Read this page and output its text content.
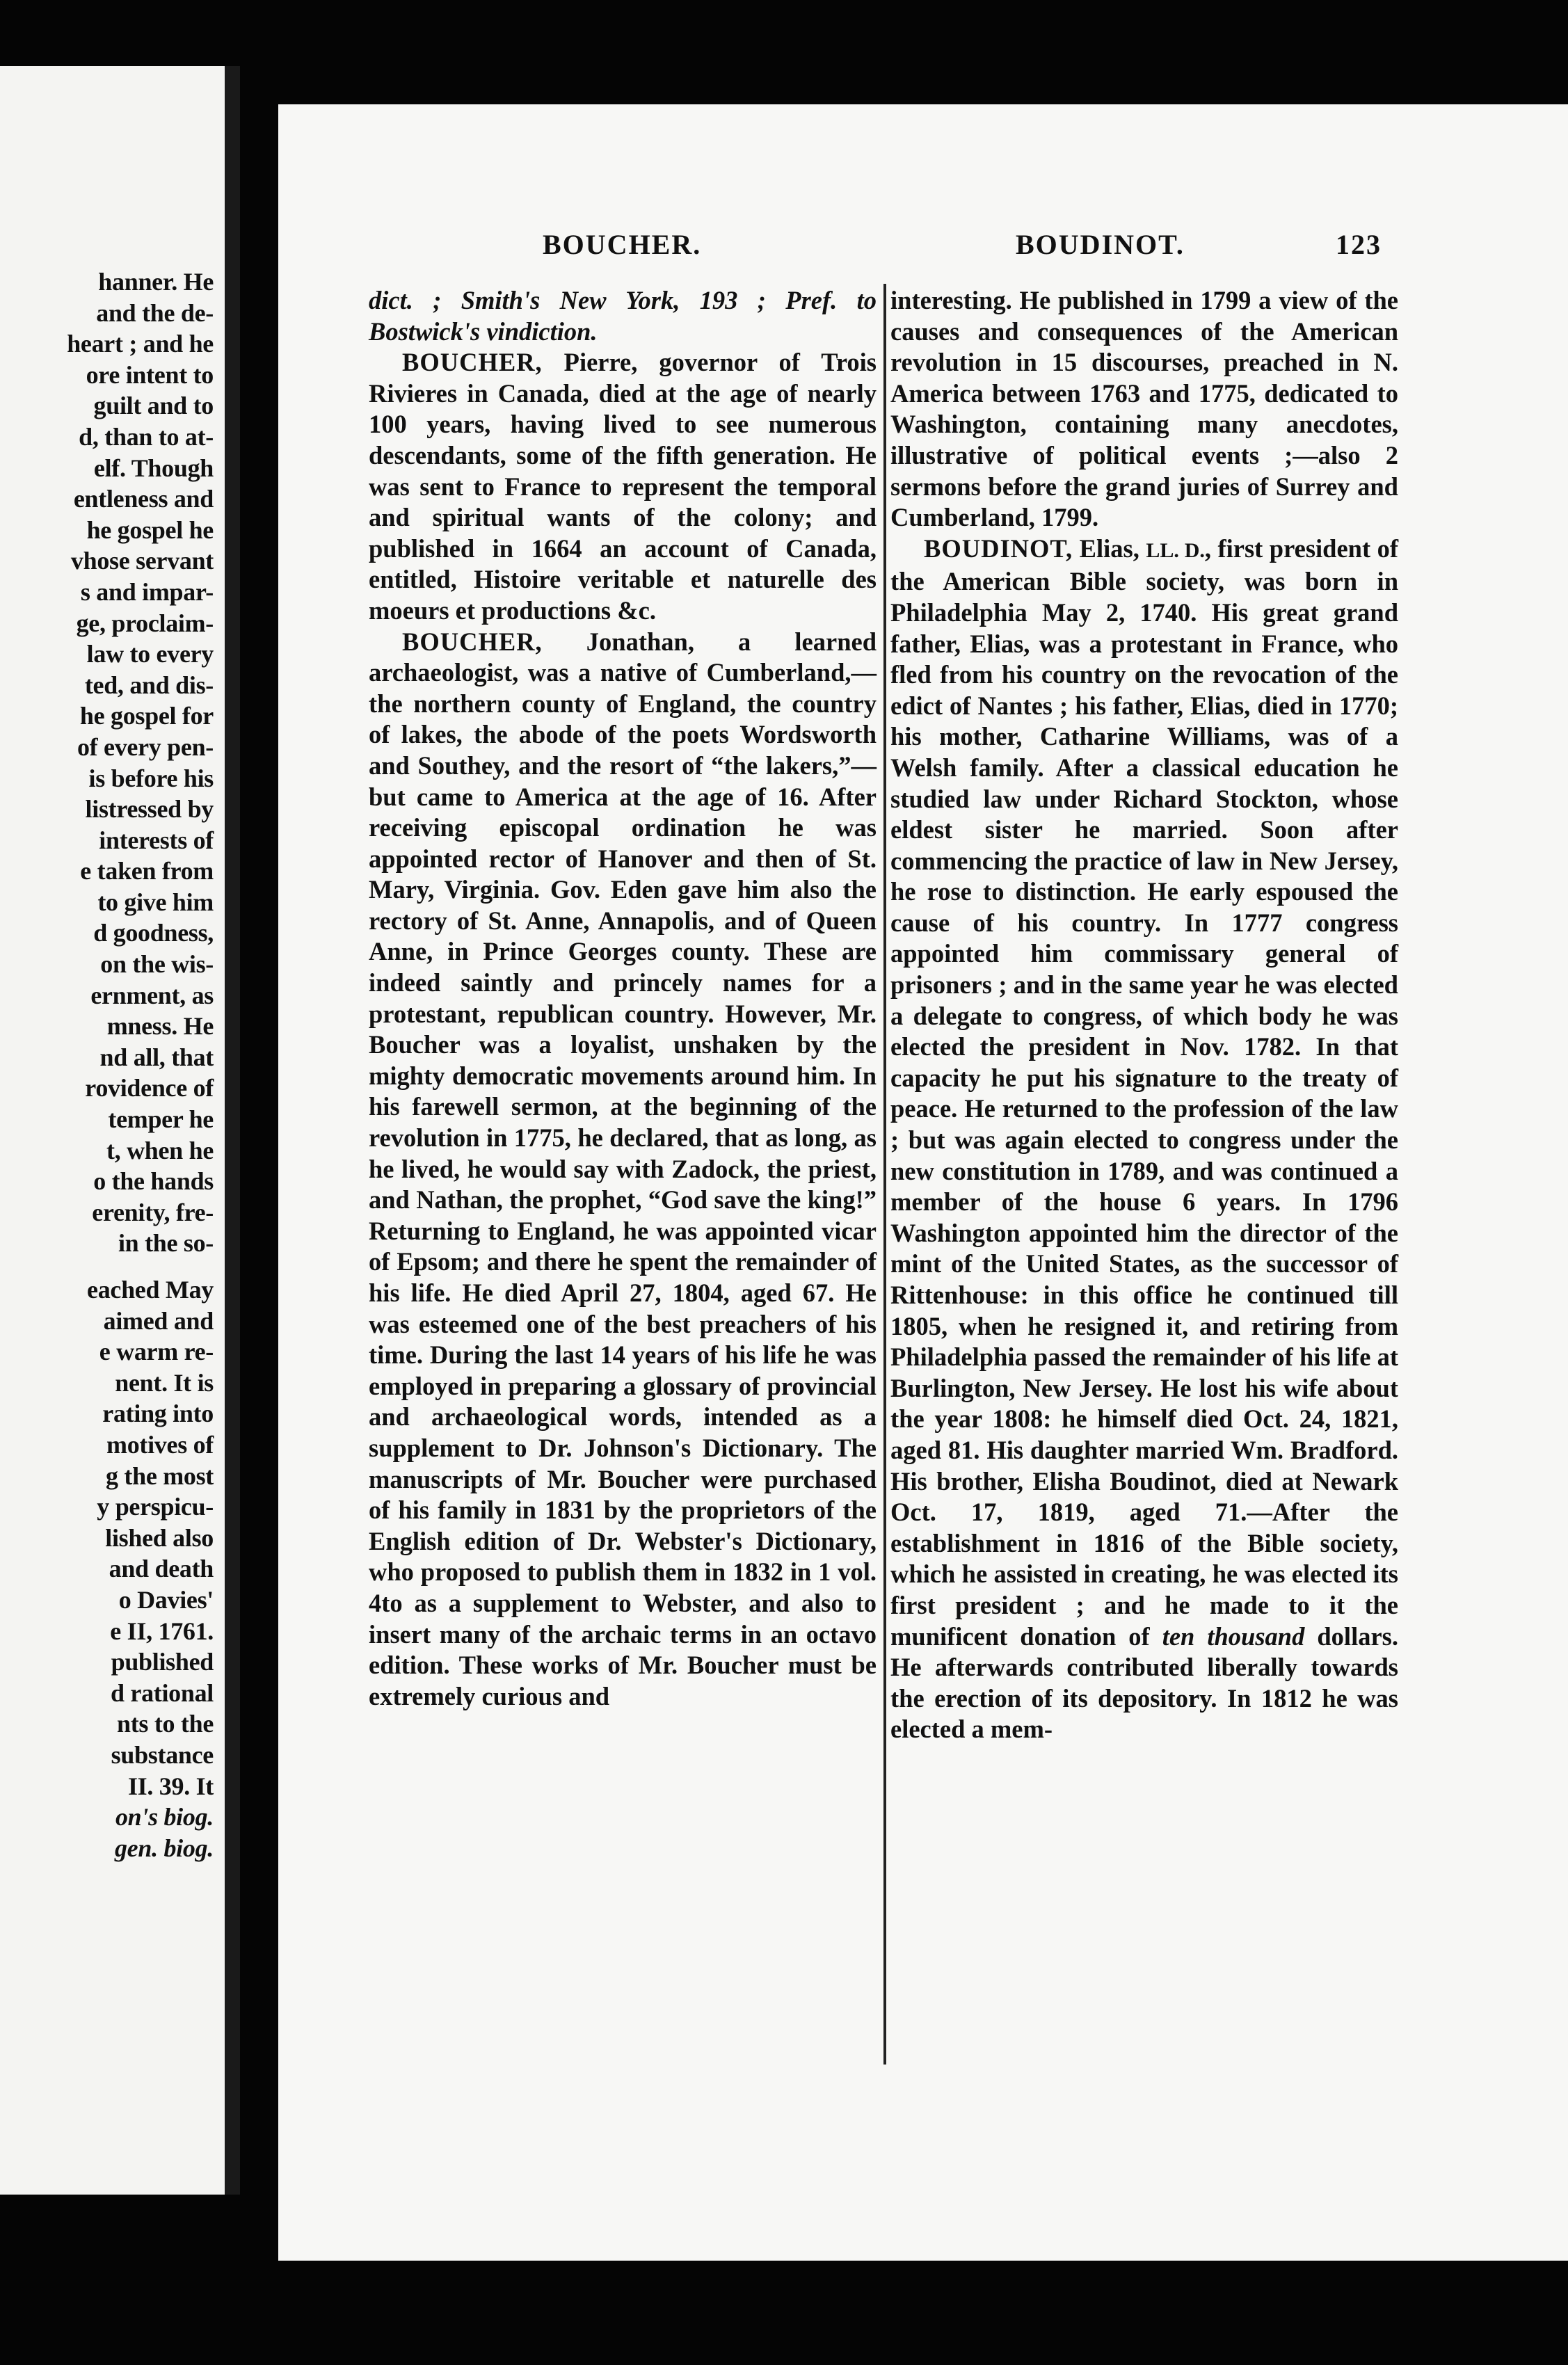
hanner. He
and the de-
heart ; and he
ore intent to
guilt and to
d, than to at-
elf. Though
entleness and
he gospel he
vhose servant
s and impar-
ge, proclaim-
law to every
ted, and dis-
he gospel for
of every pen-
is before his
listressed by
interests of
e taken from
to give him
d goodness,
on the wis-
ernment, as
mness. He
nd all, that
rovidence of
temper he
t, when he
o the hands
erenity, fre-
in the so-
eached May
aimed and
e warm re-
nent. It is
rating into
motives of
g the most
y perspicu-
lished also
and death
o Davies'
e II, 1761.
published
d rational
nts to the
substance
II. 39. It
on's biog.
gen. biog.
BOUCHER.	BOUDINOT.	123

dict. ; Smith's New York, 193 ; Pref. to Bostwick's vindiction.

BOUCHER, Pierre, governor of Trois Rivieres in Canada, died at the age of nearly 100 years, having lived to see numerous descendants, some of the fifth generation. He was sent to France to represent the temporal and spiritual wants of the colony; and published in 1664 an account of Canada, entitled, Histoire veritable et naturelle des moeurs et productions &c.

BOUCHER, Jonathan, a learned archaeologist, was a native of Cumberland,—the northern county of England, the country of lakes, the abode of the poets Wordsworth and Southey, and the resort of “the lakers,”—but came to America at the age of 16. After receiving episcopal ordination he was appointed rector of Hanover and then of St. Mary, Virginia. Gov. Eden gave him also the rectory of St. Anne, Annapolis, and of Queen Anne, in Prince Georges county. These are indeed saintly and princely names for a protestant, republican country. However, Mr. Boucher was a loyalist, unshaken by the mighty democratic movements around him. In his farewell sermon, at the beginning of the revolution in 1775, he declared, that as long, as he lived, he would say with Zadock, the priest, and Nathan, the prophet, “God save the king!” Returning to England, he was appointed vicar of Epsom; and there he spent the remainder of his life. He died April 27, 1804, aged 67. He was esteemed one of the best preachers of his time. During the last 14 years of his life he was employed in preparing a glossary of provincial and archaeological words, intended as a supplement to Dr. Johnson's Dictionary. The manuscripts of Mr. Boucher were purchased of his family in 1831 by the proprietors of the English edition of Dr. Webster's Dictionary, who proposed to publish them in 1832 in 1 vol. 4to as a supplement to Webster, and also to insert many of the archaic terms in an octavo edition. These works of Mr. Boucher must be extremely curious and

interesting. He published in 1799 a view of the causes and consequences of the American revolution in 15 discourses, preached in N. America between 1763 and 1775, dedicated to Washington, containing many anecdotes, illustrative of political events ;—also 2 sermons before the grand juries of Surrey and Cumberland, 1799.

BOUDINOT, Elias, LL. D., first president of the American Bible society, was born in Philadelphia May 2, 1740. His great grand father, Elias, was a protestant in France, who fled from his country on the revocation of the edict of Nantes ; his father, Elias, died in 1770; his mother, Catharine Williams, was of a Welsh family. After a classical education he studied law under Richard Stockton, whose eldest sister he married. Soon after commencing the practice of law in New Jersey, he rose to distinction. He early espoused the cause of his country. In 1777 congress appointed him commissary general of prisoners ; and in the same year he was elected a delegate to congress, of which body he was elected the president in Nov. 1782. In that capacity he put his signature to the treaty of peace. He returned to the profession of the law ; but was again elected to congress under the new constitution in 1789, and was continued a member of the house 6 years. In 1796 Washington appointed him the director of the mint of the United States, as the successor of Rittenhouse: in this office he continued till 1805, when he resigned it, and retiring from Philadelphia passed the remainder of his life at Burlington, New Jersey. He lost his wife about the year 1808: he himself died Oct. 24, 1821, aged 81. His daughter married Wm. Bradford. His brother, Elisha Boudinot, died at Newark Oct. 17, 1819, aged 71.—After the establishment in 1816 of the Bible society, which he assisted in creating, he was elected its first president ; and he made to it the munificent donation of ten thousand dollars. He afterwards contributed liberally towards the erection of its depository. In 1812 he was elected a mem-
